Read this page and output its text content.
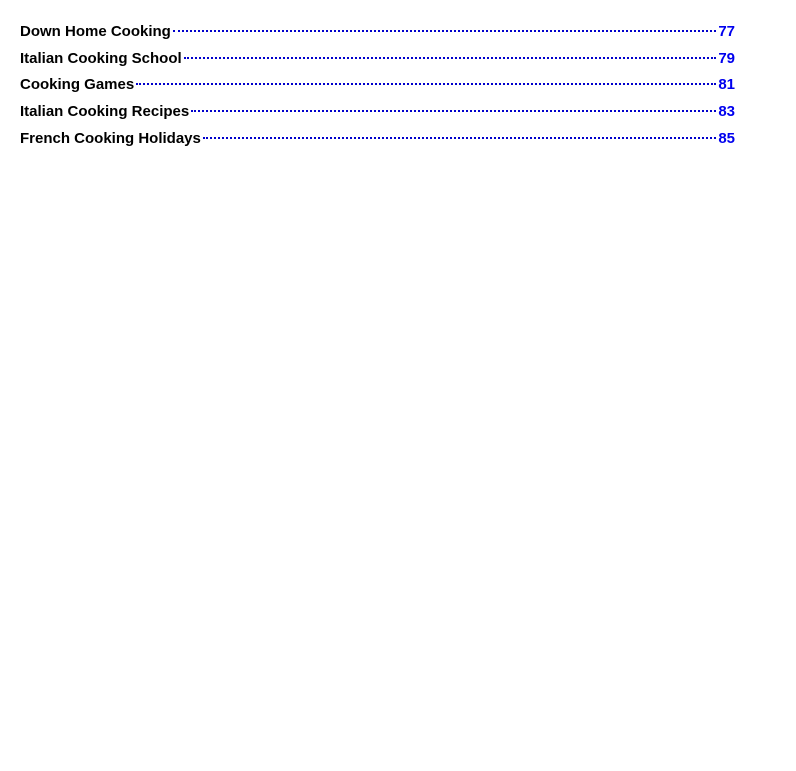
Down Home Cooking	77
Italian Cooking School	79
Cooking Games	81
Italian Cooking Recipes	83
French Cooking Holidays	85
